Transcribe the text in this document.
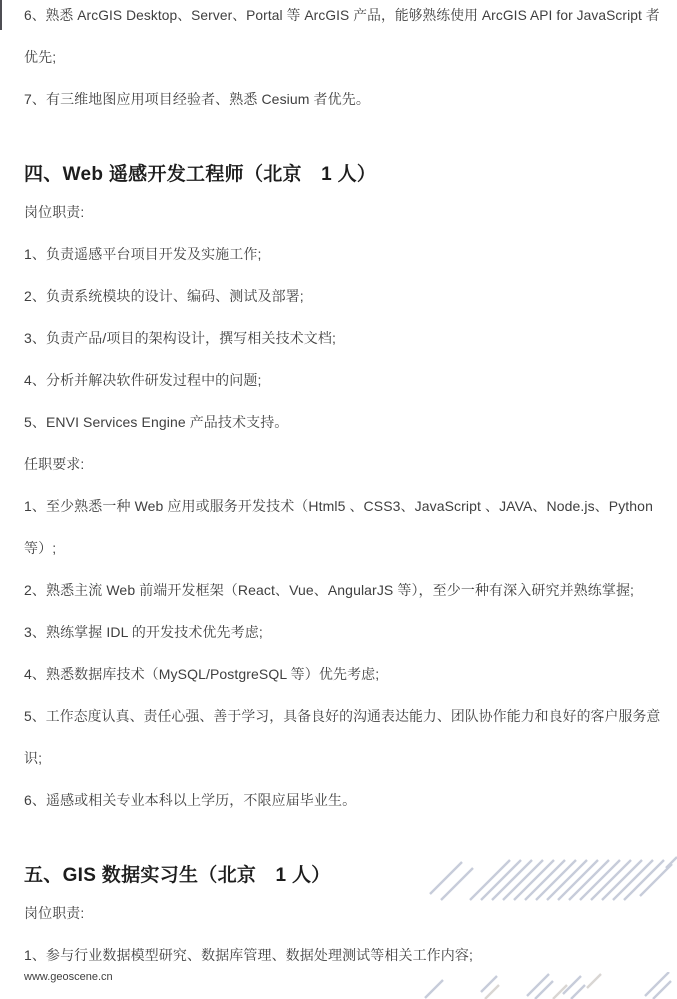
6、熟悉 ArcGIS Desktop、Server、Portal 等 ArcGIS 产品，能够熟练使用 ArcGIS API for JavaScript 者
优先;
7、有三维地图应用项目经验者、熟悉 Cesium 者优先。
四、Web 遥感开发工程师（北京　1 人）
岗位职责:
1、负责遥感平台项目开发及实施工作;
2、负责系统模块的设计、编码、测试及部署;
3、负责产品/项目的架构设计，撰写相关技术文档;
4、分析并解决软件研发过程中的问题;
5、ENVI Services Engine 产品技术支持。
任职要求:
1、至少熟悉一种 Web 应用或服务开发技术（Html5 、CSS3、JavaScript 、JAVA、Node.js、Python
等）;
2、熟悉主流 Web 前端开发框架（React、Vue、AngularJS 等），至少一种有深入研究并熟练掌握;
3、熟练掌握 IDL 的开发技术优先考虑;
4、熟悉数据库技术（MySQL/PostgreSQL 等）优先考虑;
5、工作态度认真、责任心强、善于学习，具备良好的沟通表达能力、团队协作能力和良好的客户服务意
识;
6、遥感或相关专业本科以上学历，不限应届毕业生。
五、GIS 数据实习生（北京　1 人）
岗位职责:
1、参与行业数据模型研究、数据库管理、数据处理测试等相关工作内容;
www.geoscene.cn
